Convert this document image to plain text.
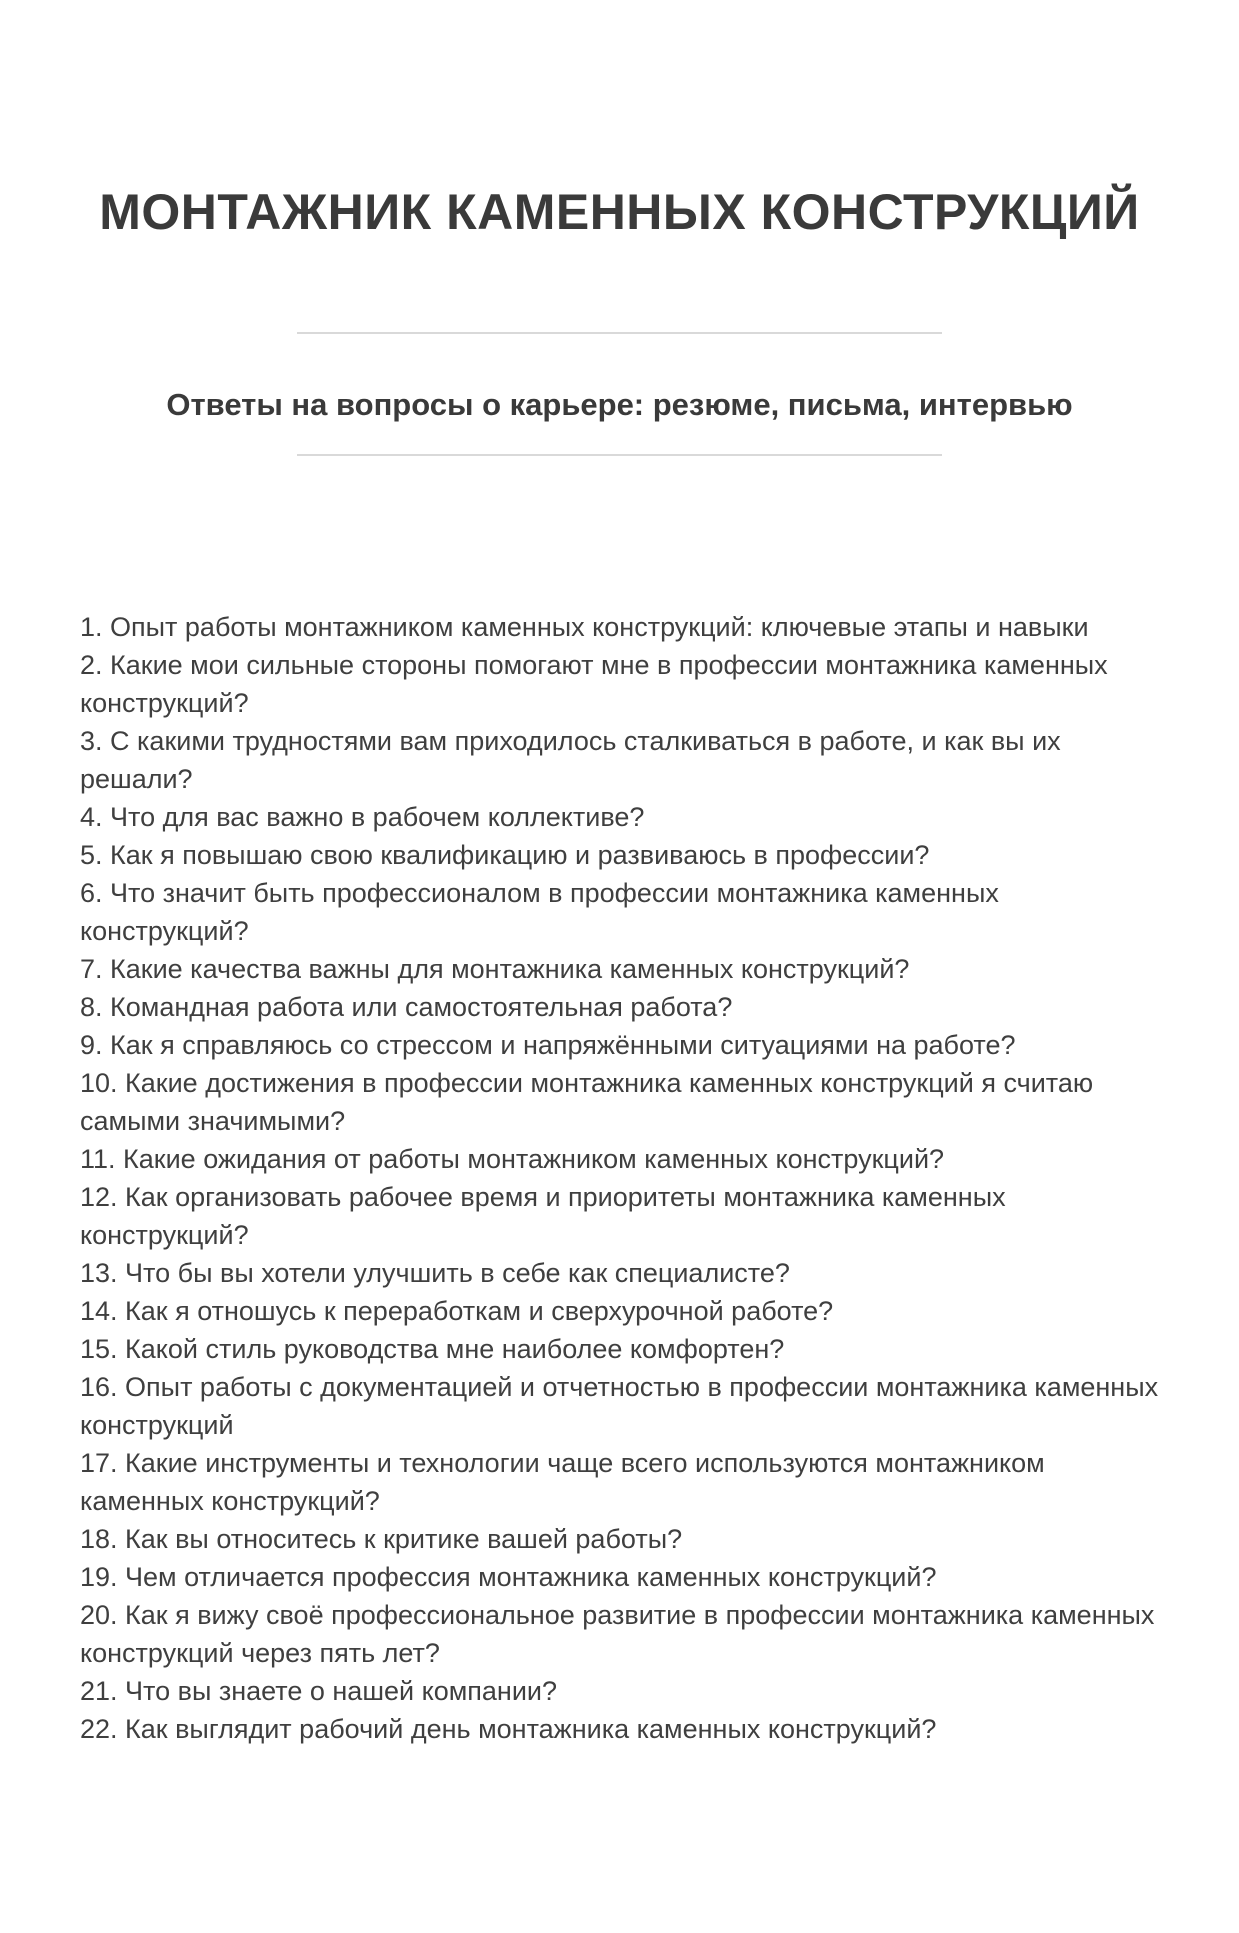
МОНТАЖНИК КАМЕННЫХ КОНСТРУКЦИЙ
Ответы на вопросы о карьере: резюме, письма, интервью

1. Опыт работы монтажником каменных конструкций: ключевые этапы и навыки

2. Какие мои сильные стороны помогают мне в профессии монтажника каменных конструкций?

3. С какими трудностями вам приходилось сталкиваться в работе, и как вы их решали?

4. Что для вас важно в рабочем коллективе?

5. Как я повышаю свою квалификацию и развиваюсь в профессии?

6. Что значит быть профессионалом в профессии монтажника каменных конструкций?

7. Какие качества важны для монтажника каменных конструкций?

8. Командная работа или самостоятельная работа?

9. Как я справляюсь со стрессом и напряжёнными ситуациями на работе?

10. Какие достижения в профессии монтажника каменных конструкций я считаю самыми значимыми?

11. Какие ожидания от работы монтажником каменных конструкций?

12. Как организовать рабочее время и приоритеты монтажника каменных конструкций?

13. Что бы вы хотели улучшить в себе как специалисте?

14. Как я отношусь к переработкам и сверхурочной работе?

15. Какой стиль руководства мне наиболее комфортен?

16. Опыт работы с документацией и отчетностью в профессии монтажника каменных конструкций

17. Какие инструменты и технологии чаще всего используются монтажником каменных конструкций?

18. Как вы относитесь к критике вашей работы?

19. Чем отличается профессия монтажника каменных конструкций?

20. Как я вижу своё профессиональное развитие в профессии монтажника каменных конструкций через пять лет?

21. Что вы знаете о нашей компании?

22. Как выглядит рабочий день монтажника каменных конструкций?
